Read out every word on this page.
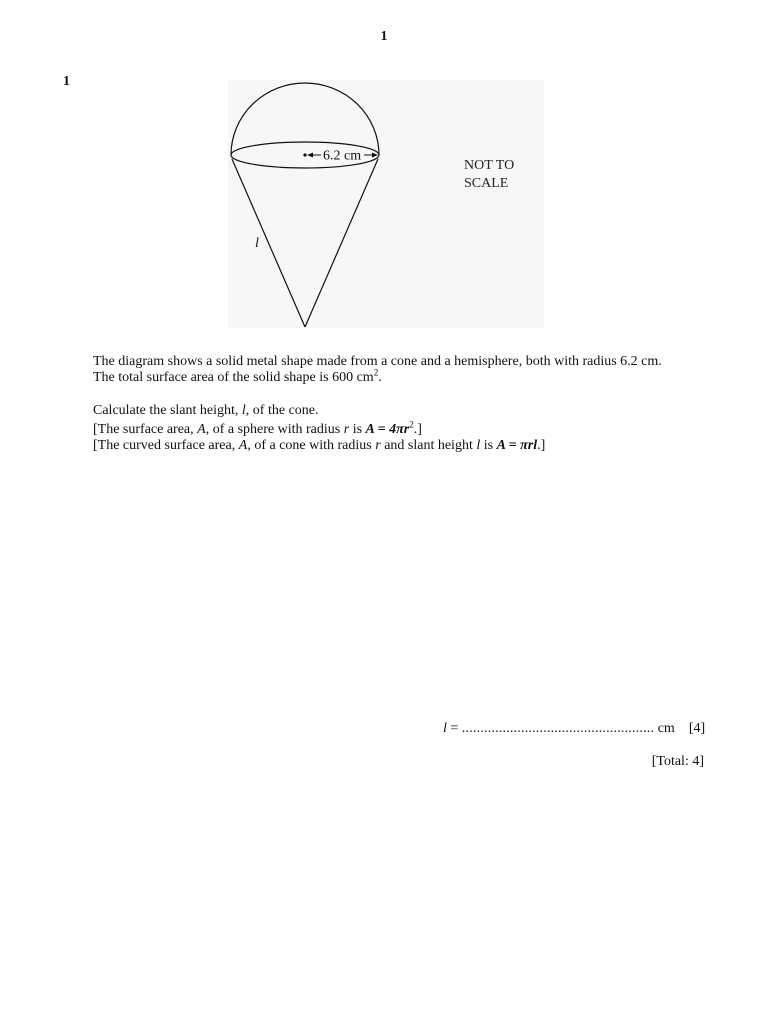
1
1
6.2 cm
l
NOT TO
SCALE
The diagram shows a solid metal shape made from a cone and a hemisphere, both with radius 6.2 cm.
The total surface area of the solid shape is 600 $cm^2$.
Calculate the slant height, l, of the cone.
[The surface area, A, of a sphere with radius r is $A = 4\pi r^2$.]
[The curved surface area, A, of a cone with radius r and slant height l is A = πrl.]
l = .................................................... cm [4]
[Total: 4]
